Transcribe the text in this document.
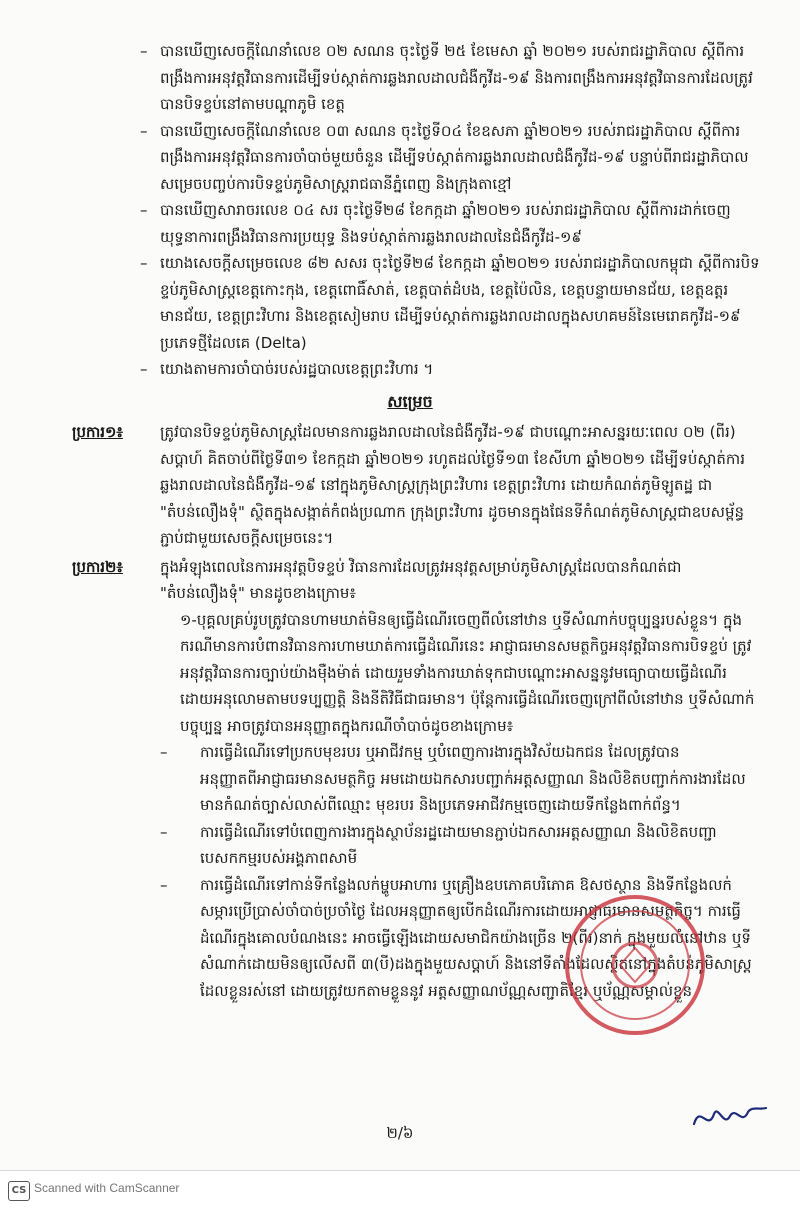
– បានឃើញសេចក្តីណែនាំលេខ ០២ សណន ចុះថ្ងៃទី ២៥ ខែមេសា ឆ្នាំ ២០២១ របស់រាជរដ្ឋាភិបាល ស្តីពីការពង្រឹងការអនុវត្តវិធានការដើម្បីទប់ស្កាត់ការឆ្លងរាលដាលជំងឺកូវីដ-១៩ និងការពង្រឹងការអនុវត្តវិធានការដែលត្រូវបានបិទខ្ទប់នៅតាមបណ្តាភូមិ ខេត្ត
– បានឃើញសេចក្តីណែនាំលេខ ០៣ សណន ចុះថ្ងៃទី០៤ ខែឧសភា ឆ្នាំ២០២១ របស់រាជរដ្ឋាភិបាល ស្តីពីការពង្រឹងការអនុវត្តវិធានការចាំបាច់មួយចំនួន ដើម្បីទប់ស្កាត់ការឆ្លងរាលដាលជំងឺកូវីដ-១៩ បន្ទាប់ពីរាជរដ្ឋាភិបាលសម្រេចបញ្ចប់ការបិទខ្ទប់ភូមិសាស្ត្ររាជធានីភ្នំពេញ និងក្រុងតាខ្មៅ
– បានឃើញសារាចរលេខ ០៤ សរ ចុះថ្ងៃទី២៨ ខែកក្កដា ឆ្នាំ២០២១ របស់រាជរដ្ឋាភិបាល ស្តីពីការដាក់ចេញយុទ្ធនាការពង្រឹងវិធានការប្រយុទ្ធ និងទប់ស្កាត់ការឆ្លងរាលដាលនៃជំងឺកូវីដ-១៩
– យោងសេចក្តីសម្រេចលេខ ៨២ សសរ ចុះថ្ងៃទី២៨ ខែកក្កដា ឆ្នាំ២០២១ របស់រាជរដ្ឋាភិបាលកម្ពុជា ស្តីពីការបិទខ្ទប់ភូមិសាស្ត្រខេត្តកោះកុង, ខេត្តពោធិ៍សាត់, ខេត្តបាត់ដំបង, ខេត្តប៉ៃលិន, ខេត្តបន្ទាយមានជ័យ, ខេត្តឧត្តរមានជ័យ, ខេត្តព្រះវិហារ និងខេត្តសៀមរាប ដើម្បីទប់ស្កាត់ការឆ្លងរាលដាលក្នុងសហគមន៍នៃមេរោគកូវីដ-១៩ ប្រភេទថ្មីដែលគេ (Delta)
– យោងតាមការចាំបាច់របស់រដ្ឋបាលខេត្តព្រះវិហារ ។
សម្រេច
ប្រការ១៖ ត្រូវបានបិទខ្ទប់ភូមិសាស្ត្រដែលមានការឆ្លងរាលដាលនៃជំងឺកូវីដ-១៩ ជាបណ្តោះអាសន្នរយៈពេល ០២ (ពីរ) សប្តាហ៍ គិតចាប់ពីថ្ងៃទី៣១ ខែកក្កដា ឆ្នាំ២០២១ រហូតដល់ថ្ងៃទី១៣ ខែសីហា ឆ្នាំ២០២១ ដើម្បីទប់ស្កាត់ការឆ្លងរាលដាលនៃជំងឺកូវីដ-១៩ នៅក្នុងភូមិសាស្ត្រក្រុងព្រះវិហារ ខេត្តព្រះវិហារ ដោយកំណត់ភូមិឡូតដ្ឋ ជា "តំបន់លឿងទុំ" ស្ថិតក្នុងសង្កាត់កំពង់ប្រណាក ក្រុងព្រះវិហារ ដូចមានក្នុងផែនទីកំណត់ភូមិសាស្ត្រជាឧបសម្ព័ន្ធភ្ជាប់ជាមួយសេចក្តីសម្រេចនេះ។
ប្រការ២៖ ក្នុងអំឡុងពេលនៃការអនុវត្តបិទខ្ទប់ វិធានការដែលត្រូវអនុវត្តសម្រាប់ភូមិសាស្ត្រដែលបានកំណត់ជា "តំបន់លឿងទុំ" មានដូចខាងក្រោម៖
១-បុគ្គលគ្រប់រូបត្រូវបានហាមឃាត់មិនឲ្យធ្វើដំណើរចេញពីលំនៅឋាន ឬទីសំណាក់បច្ចុប្បន្នរបស់ខ្លួន។ ក្នុងករណីមានការបំពានវិធានការហាមឃាត់ការធ្វើដំណើរនេះ អាជ្ញាធរមានសមត្ថកិច្ចអនុវត្តវិធានការបិទខ្ទប់ ត្រូវអនុវត្តវិធានការច្បាប់យ៉ាងម៉ឺងម៉ាត់ ដោយរួមទាំងការឃាត់ទុកជាបណ្តោះអាសន្ននូវមធ្យោបាយធ្វើដំណើរដោយអនុលោមតាមបទប្បញ្ញត្តិ និងនីតិវិធីជាធរមាន។ ប៉ុន្តែការធ្វើដំណើរចេញក្រៅពីលំនៅឋាន ឬទីសំណាក់បច្ចុប្បន្ន អាចត្រូវបានអនុញ្ញាតក្នុងករណីចាំបាច់ដូចខាងក្រោម៖
– ការធ្វើដំណើរទៅប្រកបមុខរបរ ឬអាជីវកម្ម ឬបំពេញការងារក្នុងវិស័យឯកជន ដែលត្រូវបានអនុញ្ញាតពីអាជ្ញាធរមានសមត្ថកិច្ច អមដោយឯកសារបញ្ជាក់អត្តសញ្ញាណ និងលិខិតបញ្ជាក់ការងារដែលមានកំណត់ច្បាស់លាស់ពីឈ្មោះ មុខរបរ និងប្រភេទអាជីវកម្មចេញដោយទីកន្លែងពាក់ព័ន្ធ។
– ការធ្វើដំណើរទៅបំពេញការងារក្នុងស្ថាប័នរដ្ឋដោយមានភ្ជាប់ឯកសារអត្តសញ្ញាណ និងលិខិតបញ្ជាបេសកកម្មរបស់អង្គភាពសាមី
– ការធ្វើដំណើរទៅកាន់ទីកន្លែងលក់ម្ហូបអាហារ ឬគ្រឿងឧបភោគបរិភោគ ឱសថស្ថាន និងទីកន្លែងលក់សម្ភារប្រើប្រាស់ចាំបាច់ប្រចាំថ្ងៃ ដែលអនុញ្ញាតឲ្យបើកដំណើរការដោយអាជ្ញាធរមានសមត្ថកិច្ច។ ការធ្វើដំណើរក្នុងគោលបំណងនេះ អាចធ្វើឡើងដោយសមាជិកយ៉ាងច្រើន ២(ពីរ)នាក់ ក្នុងមួយលំនៅឋាន ឬទីសំណាក់ដោយមិនឲ្យលើសពី ៣(បី)ដងក្នុងមួយសប្តាហ៍ និងនៅទីតាំងដែលស្ថិតនៅក្នុងតំបន់ភូមិសាស្ត្រដែលខ្លួនរស់នៅ ដោយត្រូវយកតាមខ្លួននូវ អត្តសញ្ញាណប័ណ្ណសញ្ជាតិខ្មែរ ឬប័ណ្ណសម្គាល់ខ្លួន
២/៦
CS Scanned with CamScanner
